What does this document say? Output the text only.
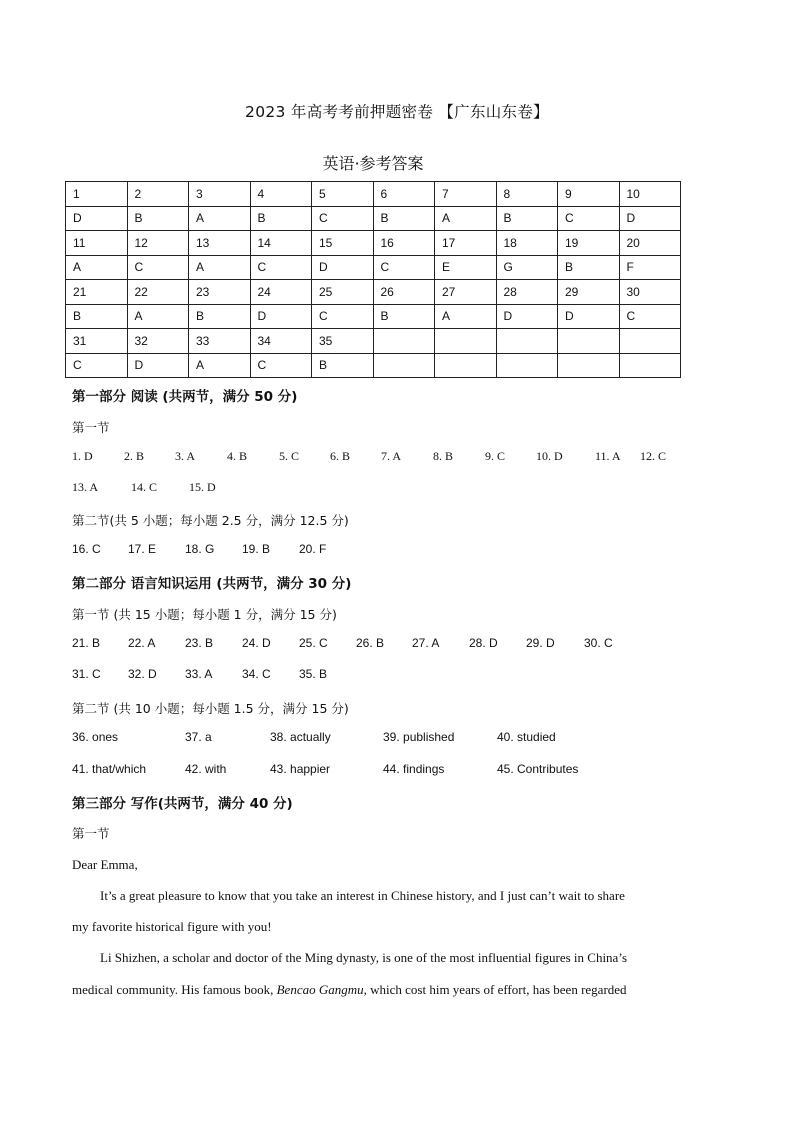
2023 年高考考前押题密卷 【广东山东卷】
英语·参考答案
1	2	3	4	5	6	7	8	9	10
D	B	A	B	C	B	A	B	C	D
11	12	13	14	15	16	17	18	19	20
A	C	A	C	D	C	E	G	B	F
21	22	23	24	25	26	27	28	29	30
B	A	B	D	C	B	A	D	D	C
31	32	33	34	35					
C	D	A	C	B					
第一部分 阅读 (共两节，满分 50 分)
第一节
1. D	2. B	3. A	4. B	5. C	6. B	7. A	8. B	9. C	10. D	11. A 12. C
13. A	14. C	15. D
第二节(共 5 小题；每小题 2.5 分，满分 12.5 分)
16. C 17. E 18. G 19. B 20. F
第二部分 语言知识运用 (共两节，满分 30 分)
第一节 (共 15 小题；每小题 1 分，满分 15 分)
21. B 22. A 23. B 24. D 25. C 26. B 27. A 28. D 29. D 30. C
31. C 32. D 33. A 34. C 35. B
第二节 (共 10 小题；每小题 1.5 分，满分 15 分)
36. ones	37. a	38. actually	39. published	40. studied
41. that/which	42. with	43. happier	44. findings	45. Contributes
第三部分 写作(共两节，满分 40 分)
第一节
Dear Emma,
It’s a great pleasure to know that you take an interest in Chinese history, and I just can’t wait to share
my favorite historical figure with you!
Li Shizhen, a scholar and doctor of the Ming dynasty, is one of the most influential figures in China’s
medical community. His famous book, Bencao Gangmu, which cost him years of effort, has been regarded
